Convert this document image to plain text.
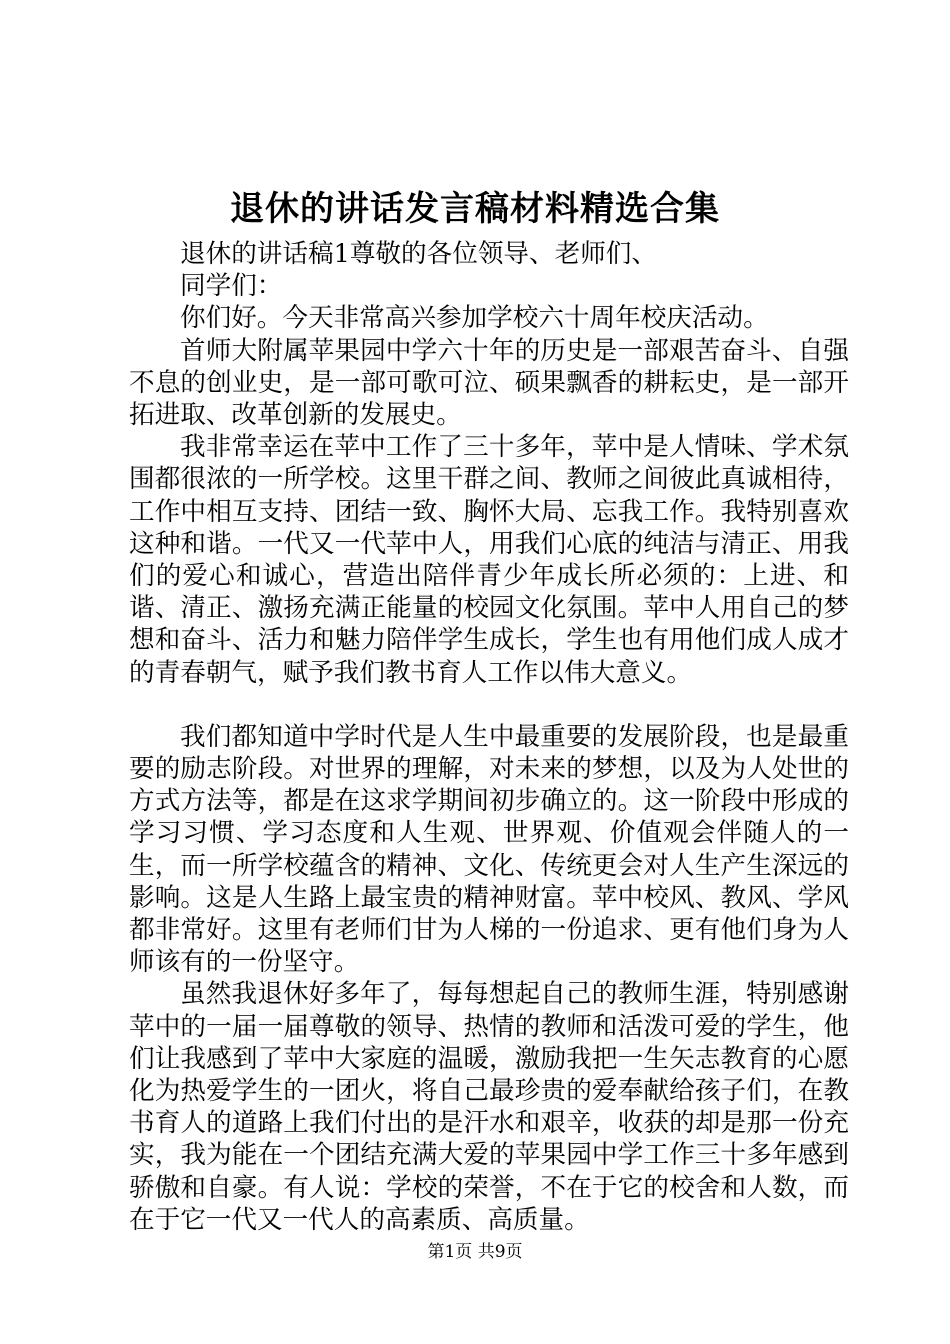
退休的讲话发言稿材料精选合集

退休的讲话稿1尊敬的各位领导、老师们、

同学们：

你们好。今天非常高兴参加学校六十周年校庆活动。

首师大附属苹果园中学六十年的历史是一部艰苦奋斗、自强不息的创业史，是一部可歌可泣、硕果飘香的耕耘史，是一部开拓进取、改革创新的发展史。

我非常幸运在苹中工作了三十多年，苹中是人情味、学术氛围都很浓的一所学校。这里干群之间、教师之间彼此真诚相待，工作中相互支持、团结一致、胸怀大局、忘我工作。我特别喜欢这种和谐。一代又一代苹中人，用我们心底的纯洁与清正、用我们的爱心和诚心，营造出陪伴青少年成长所必须的：上进、和谐、清正、激扬充满正能量的校园文化氛围。苹中人用自己的梦想和奋斗、活力和魅力陪伴学生成长，学生也有用他们成人成才的青春朝气，赋予我们教书育人工作以伟大意义。

我们都知道中学时代是人生中最重要的发展阶段，也是最重要的励志阶段。对世界的理解，对未来的梦想，以及为人处世的方式方法等，都是在这求学期间初步确立的。这一阶段中形成的学习习惯、学习态度和人生观、世界观、价值观会伴随人的一生，而一所学校蕴含的精神、文化、传统更会对人生产生深远的影响。这是人生路上最宝贵的精神财富。苹中校风、教风、学风都非常好。这里有老师们甘为人梯的一份追求、更有他们身为人师该有的一份坚守。

虽然我退休好多年了，每每想起自己的教师生涯，特别感谢苹中的一届一届尊敬的领导、热情的教师和活泼可爱的学生，他们让我感到了苹中大家庭的温暖，激励我把一生矢志教育的心愿化为热爱学生的一团火，将自己最珍贵的爱奉献给孩子们，在教书育人的道路上我们付出的是汗水和艰辛，收获的却是那一份充实，我为能在一个团结充满大爱的苹果园中学工作三十多年感到骄傲和自豪。有人说：学校的荣誉，不在于它的校舍和人数，而在于它一代又一代人的高素质、高质量。

第1页 共9页
